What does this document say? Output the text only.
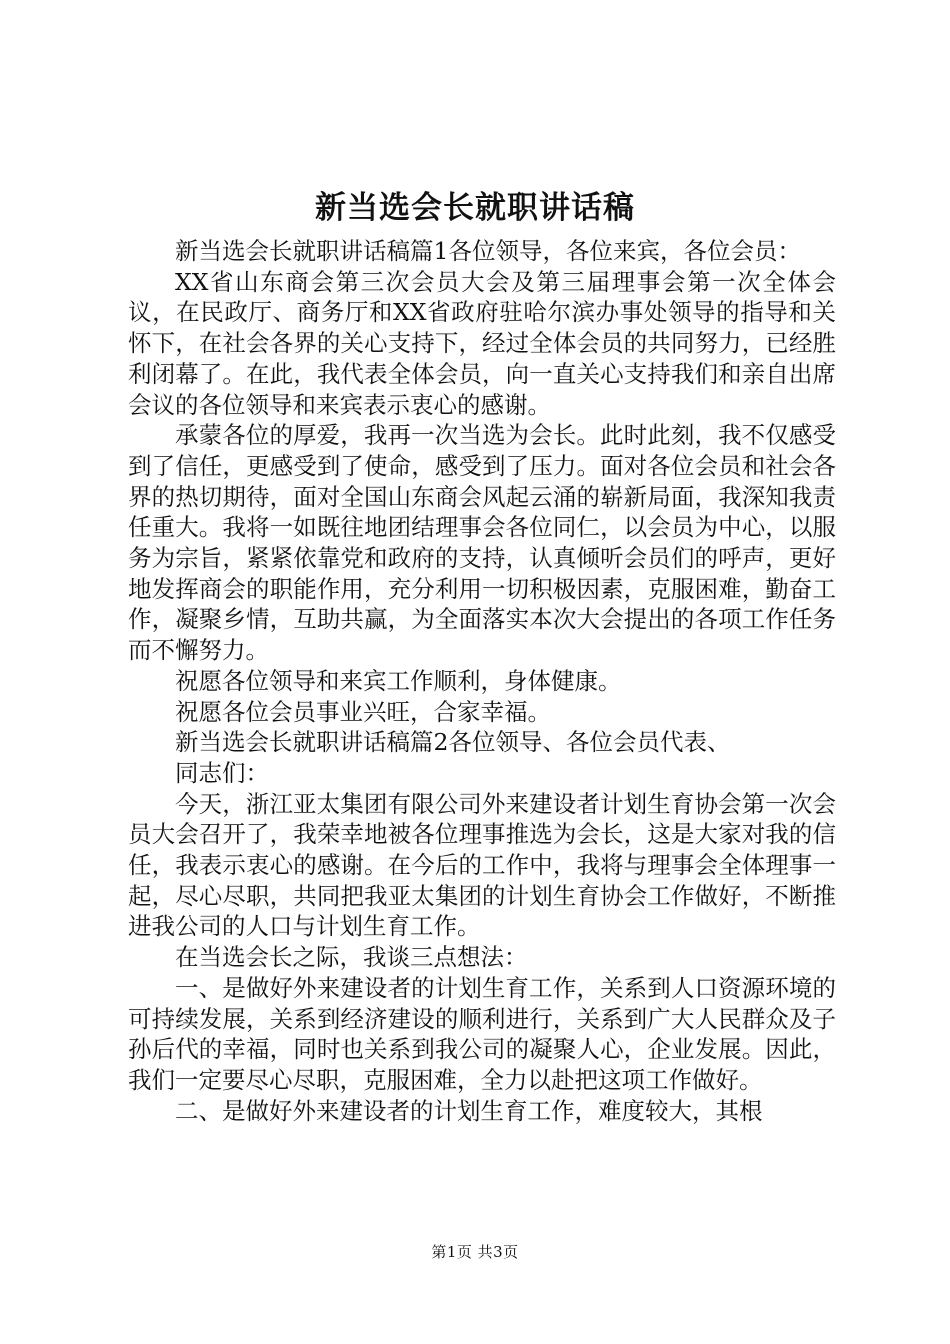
新当选会长就职讲话稿

新当选会长就职讲话稿篇1各位领导，各位来宾，各位会员：

XX省山东商会第三次会员大会及第三届理事会第一次全体会议，在民政厅、商务厅和XX省政府驻哈尔滨办事处领导的指导和关怀下，在社会各界的关心支持下，经过全体会员的共同努力，已经胜利闭幕了。在此，我代表全体会员，向一直关心支持我们和亲自出席会议的各位领导和来宾表示衷心的感谢。

承蒙各位的厚爱，我再一次当选为会长。此时此刻，我不仅感受到了信任，更感受到了使命，感受到了压力。面对各位会员和社会各界的热切期待，面对全国山东商会风起云涌的崭新局面，我深知我责任重大。我将一如既往地团结理事会各位同仁，以会员为中心，以服务为宗旨，紧紧依靠党和政府的支持，认真倾听会员们的呼声，更好地发挥商会的职能作用，充分利用一切积极因素，克服困难，勤奋工作，凝聚乡情，互助共赢，为全面落实本次大会提出的各项工作任务而不懈努力。

祝愿各位领导和来宾工作顺利，身体健康。

祝愿各位会员事业兴旺，合家幸福。

新当选会长就职讲话稿篇2各位领导、各位会员代表、

同志们：

今天，浙江亚太集团有限公司外来建设者计划生育协会第一次会员大会召开了，我荣幸地被各位理事推选为会长，这是大家对我的信任，我表示衷心的感谢。在今后的工作中，我将与理事会全体理事一起，尽心尽职，共同把我亚太集团的计划生育协会工作做好，不断推进我公司的人口与计划生育工作。

在当选会长之际，我谈三点想法：

一、是做好外来建设者的计划生育工作，关系到人口资源环境的可持续发展，关系到经济建设的顺利进行，关系到广大人民群众及子孙后代的幸福，同时也关系到我公司的凝聚人心，企业发展。因此，我们一定要尽心尽职，克服困难，全力以赴把这项工作做好。

二、是做好外来建设者的计划生育工作，难度较大，其根

第1页 共3页
